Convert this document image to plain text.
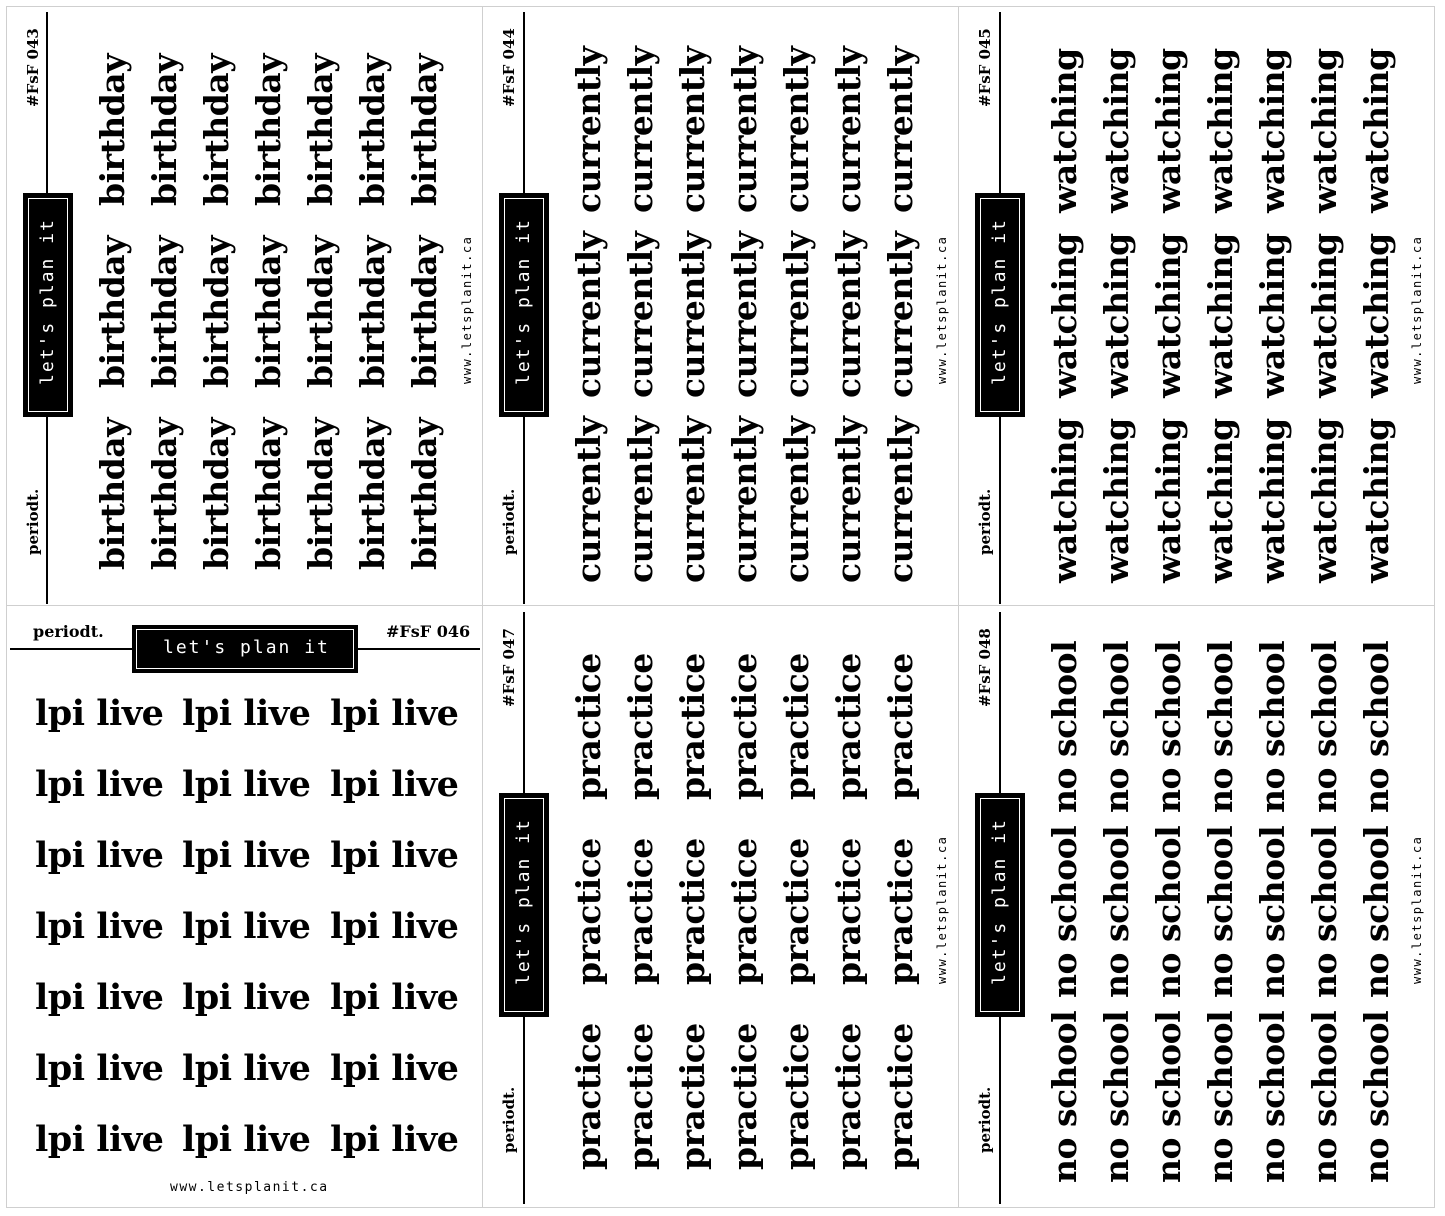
let's plan it
#FsF 043
periodt.
www.letsplanit.ca let's plan it
#FsF 044
periodt.
www.letsplanit.ca let's plan it
#FsF 045
periodt.
www.letsplanit.ca
let's plan it
#FsF 047
periodt.
www.letsplanit.ca let's plan it
#FsF 048
periodt.
www.letsplanit.ca
let's plan it
periodt.	#FsF 046
www.letsplanit.ca
birthday
birthday
birthday
birthday
birthday
birthday
birthday
birthday
birthday
birthday
birthday
birthday
birthday
birthday
birthday
birthday
birthday
birthday
birthday
birthday
birthday
currently
currently
currently
currently
currently
currently
currently
currently
currently
currently
currently
currently
currently
currently
currently
currently
currently
currently
currently
currently
currently
watching
watching
watching
watching
watching
watching
watching
watching
watching
watching
watching
watching
watching
watching
watching
watching
watching
watching
watching
watching
watching
practice
practice
practice
practice
practice
practice
practice
practice
practice
practice
practice
practice
practice
practice
practice
practice
practice
practice
practice
practice
practice
no school
no school
no school
no school
no school
no school
no school
no school
no school
no school
no school
no school
no school
no school
no school
no school
no school
no school
no school
no school
no school
lpi live lpi live lpi live
lpi live lpi live lpi live
lpi live lpi live lpi live
lpi live lpi live lpi live
lpi live lpi live lpi live
lpi live lpi live lpi live
lpi live lpi live lpi live
